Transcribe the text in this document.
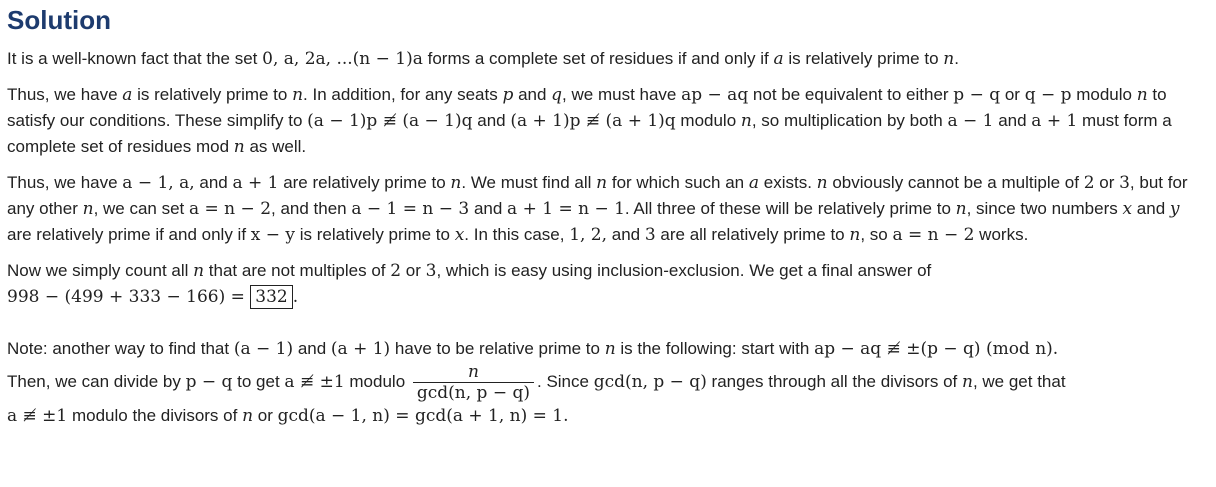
Solution

It is a well-known fact that the set 0, a, 2a, ...(n − 1)a forms a complete set of residues if and only if a is relatively prime to n.

Thus, we have a is relatively prime to n. In addition, for any seats p and q, we must have ap − aq not be equivalent to either p − q or q − p modulo n to satisfy our conditions. These simplify to (a − 1)p ≢ (a − 1)q and (a + 1)p ≢ (a + 1)q modulo n, so multiplication by both a − 1 and a + 1 must form a complete set of residues mod n as well.

Thus, we have a − 1, a, and a + 1 are relatively prime to n. We must find all n for which such an a exists. n obviously cannot be a multiple of 2 or 3, but for any other n, we can set a = n − 2, and then a − 1 = n − 3 and a + 1 = n − 1. All three of these will be relatively prime to n, since two numbers x and y are relatively prime if and only if x − y is relatively prime to x. In this case, 1, 2, and 3 are all relatively prime to n, so a = n − 2 works.

Now we simply count all n that are not multiples of 2 or 3, which is easy using inclusion-exclusion. We get a final answer of
998 − (499 + 333 − 166) = 332 .

Note: another way to find that (a − 1) and (a + 1) have to be relative prime to n is the following: start with ap − aq ≢ ±(p − q) (mod n).
Then, we can divide by p − q to get a ≢ ±1 modulo $\frac{n}{\gcd(n, p - q)}$ . Since gcd(n, p − q) ranges through all the divisors of n, we get that
a ≢ ±1 modulo the divisors of n or gcd(a − 1, n) = gcd(a + 1, n) = 1.
